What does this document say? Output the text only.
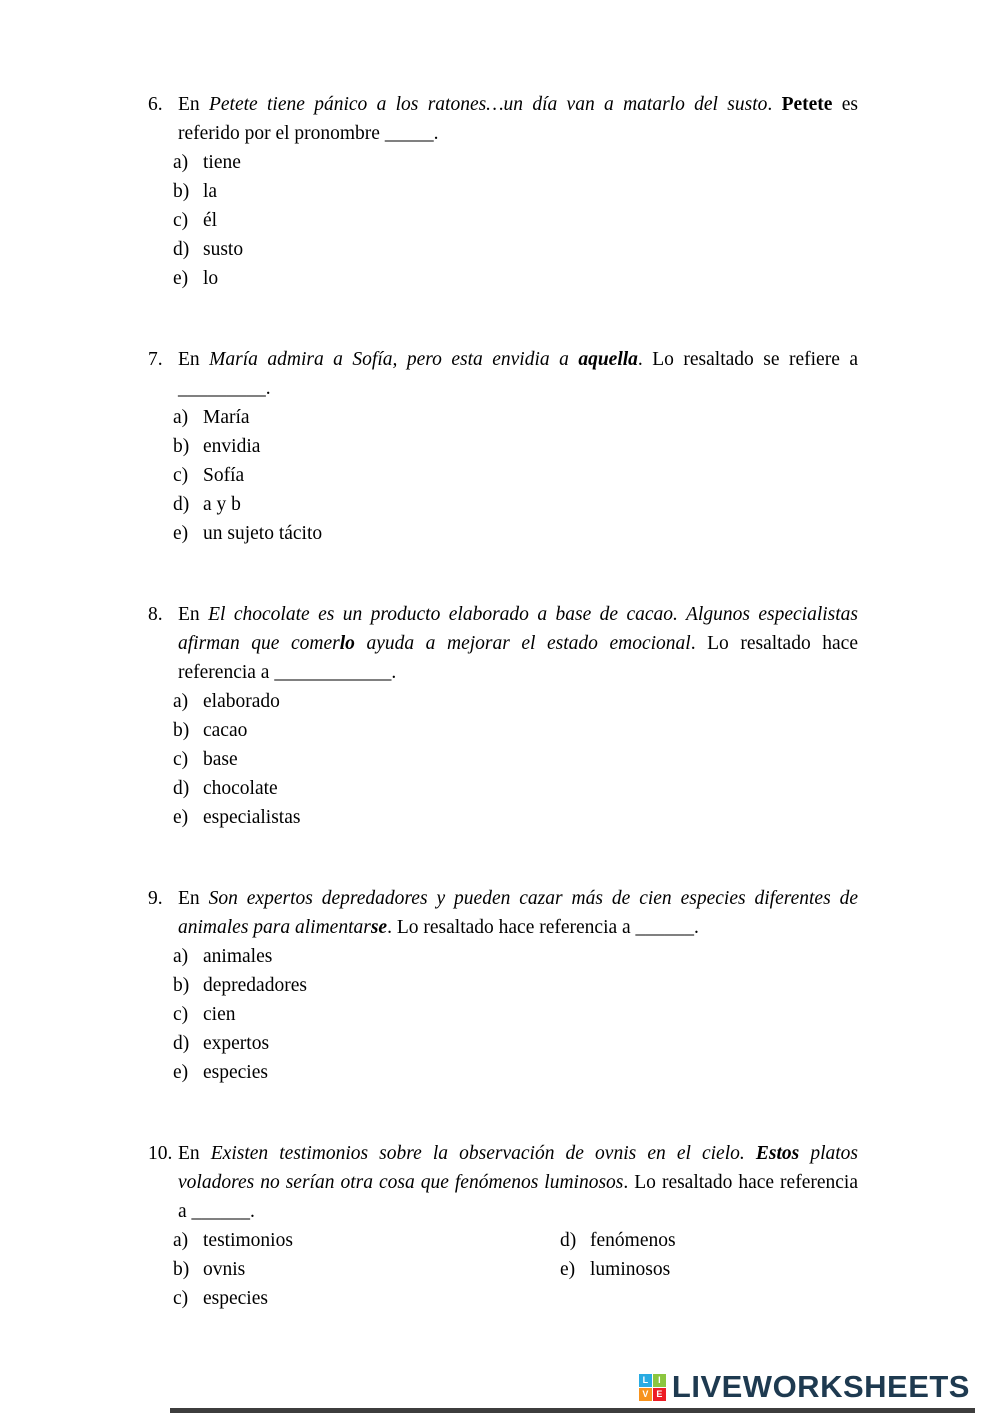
6. En Petete tiene pánico a los ratones…un día van a matarlo del susto. Petete es referido por el pronombre _____.

a) tiene
b) la
c) él
d) susto
e) lo
7. En María admira a Sofía, pero esta envidia a aquella. Lo resaltado se refiere a _________.

a) María
b) envidia
c) Sofía
d) a y b
e) un sujeto tácito
8. En El chocolate es un producto elaborado a base de cacao. Algunos especialistas afirman que comerlo ayuda a mejorar el estado emocional. Lo resaltado hace referencia a ____________.

a) elaborado
b) cacao
c) base
d) chocolate
e) especialistas
9. En Son expertos depredadores y pueden cazar más de cien especies diferentes de animales para alimentarse. Lo resaltado hace referencia a ______.

a) animales
b) depredadores
c) cien
d) expertos
e) especies
10. En Existen testimonios sobre la observación de ovnis en el cielo. Estos platos voladores no serían otra cosa que fenómenos luminosos. Lo resaltado hace referencia a ______.

a) testimonios
b) ovnis
c) especies
d) fenómenos
e) luminosos
L	I
V E LIVEWORKSHEETS
